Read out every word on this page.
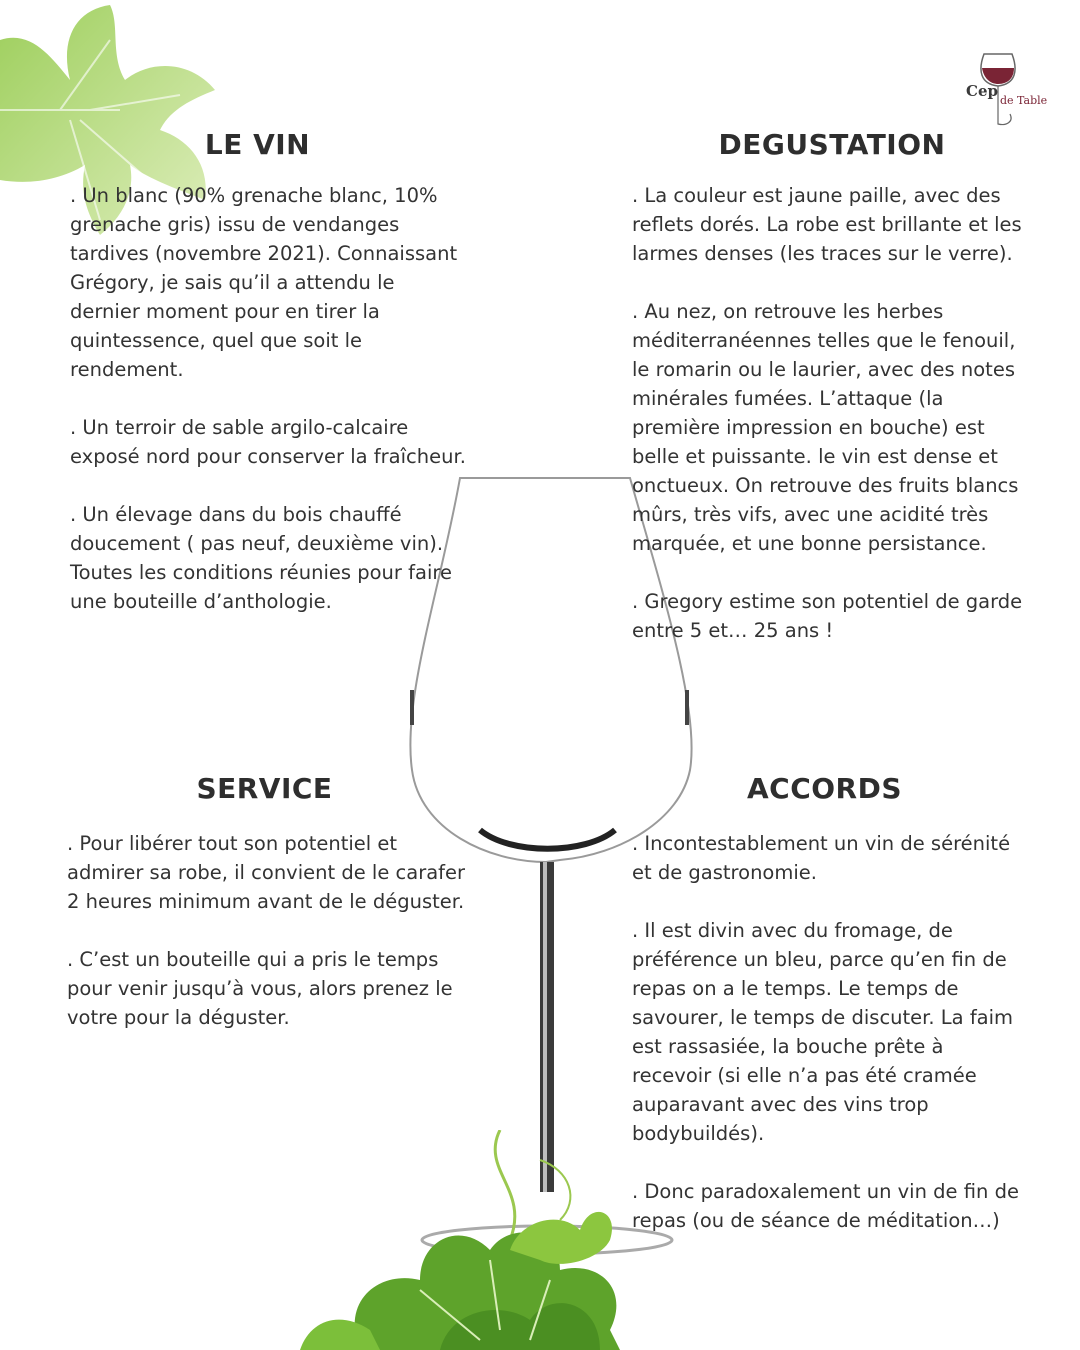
Cep
de Table
LE VIN

. Un blanc (90% grenache blanc, 10% grenache gris) issu de vendanges tardives (novembre 2021). Connaissant Grégory, je sais qu’il a attendu le dernier moment pour en tirer la quintessence, quel que soit le rendement.

. Un terroir de sable argilo-calcaire exposé nord pour conserver la fraîcheur.

. Un élevage dans du bois chauffé doucement ( pas neuf, deuxième vin). Toutes les conditions réunies pour faire une bouteille d’anthologie.

DEGUSTATION

. La couleur est jaune paille, avec des reflets dorés. La robe est brillante et les larmes denses (les traces sur le verre).

. Au nez, on retrouve les herbes méditerranéennes telles que le fenouil, le romarin ou le laurier, avec des notes minérales fumées. L’attaque (la première impression en bouche) est belle et puissante. le vin est dense et onctueux. On retrouve des fruits blancs mûrs, très vifs, avec une acidité très marquée, et une bonne persistance.

. Gregory estime son potentiel de garde entre 5 et… 25 ans !

SERVICE

. Pour libérer tout son potentiel et admirer sa robe, il convient de le carafer 2 heures minimum avant de le déguster.

. C’est un bouteille qui a pris le temps pour venir jusqu’à vous, alors prenez le votre pour la déguster.

ACCORDS

. Incontestablement un vin de sérénité et de gastronomie.

. Il est divin avec du fromage, de préférence un bleu, parce qu’en fin de repas on a le temps. Le temps de savourer, le temps de discuter. La faim est rassasiée, la bouche prête à recevoir (si elle n’a pas été cramée auparavant avec des vins trop bodybuildés).

. Donc paradoxalement un vin de fin de repas (ou de séance de méditation…)
